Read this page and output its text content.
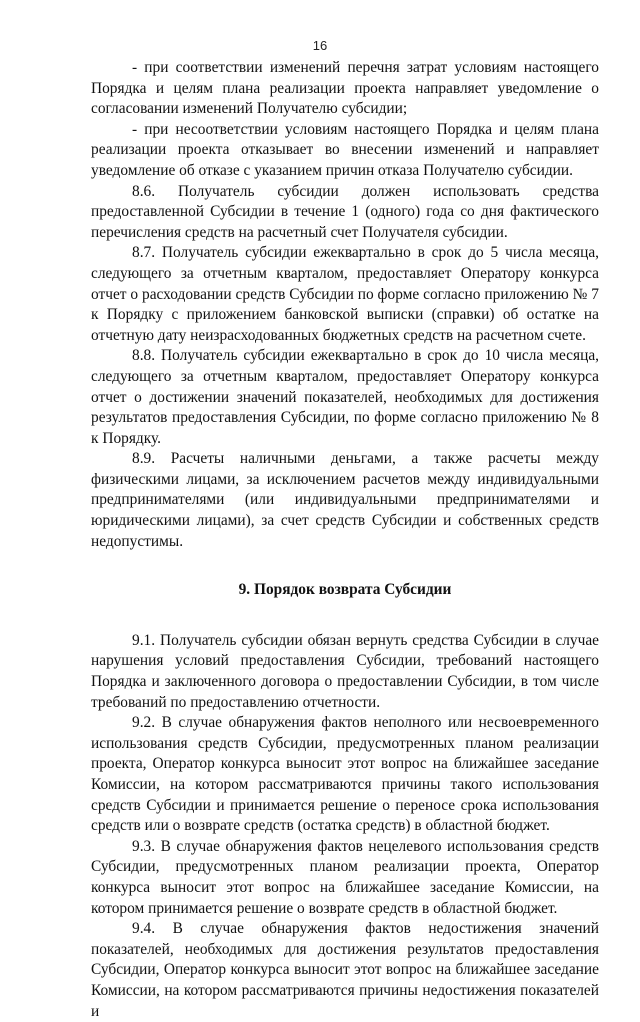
16

- при соответствии изменений перечня затрат условиям настоящего Порядка и целям плана реализации проекта направляет уведомление о согласовании изменений Получателю субсидии;

- при несоответствии условиям настоящего Порядка и целям плана реализации проекта отказывает во внесении изменений и направляет уведомление об отказе с указанием причин отказа Получателю субсидии.

8.6. Получатель субсидии должен использовать средства предоставленной Субсидии в течение 1 (одного) года со дня фактического перечисления средств на расчетный счет Получателя субсидии.

8.7. Получатель субсидии ежеквартально в срок до 5 числа месяца, следующего за отчетным кварталом, предоставляет Оператору конкурса отчет о расходовании средств Субсидии по форме согласно приложению № 7 к Порядку с приложением банковской выписки (справки) об остатке на отчетную дату неизрасходованных бюджетных средств на расчетном счете.

8.8. Получатель субсидии ежеквартально в срок до 10 числа месяца, следующего за отчетным кварталом, предоставляет Оператору конкурса отчет о достижении значений показателей, необходимых для достижения результатов предоставления Субсидии, по форме согласно приложению № 8 к Порядку.

8.9. Расчеты наличными деньгами, а также расчеты между физическими лицами, за исключением расчетов между индивидуальными предпринимателями (или индивидуальными предпринимателями и юридическими лицами), за счет средств Субсидии и собственных средств недопустимы.

9. Порядок возврата Субсидии

9.1. Получатель субсидии обязан вернуть средства Субсидии в случае нарушения условий предоставления Субсидии, требований настоящего Порядка и заключенного договора о предоставлении Субсидии, в том числе требований по предоставлению отчетности.

9.2. В случае обнаружения фактов неполного или несвоевременного использования средств Субсидии, предусмотренных планом реализации проекта, Оператор конкурса выносит этот вопрос на ближайшее заседание Комиссии, на котором рассматриваются причины такого использования средств Субсидии и принимается решение о переносе срока использования средств или о возврате средств (остатка средств) в областной бюджет.

9.3. В случае обнаружения фактов нецелевого использования средств Субсидии, предусмотренных планом реализации проекта, Оператор конкурса выносит этот вопрос на ближайшее заседание Комиссии, на котором принимается решение о возврате средств в областной бюджет.

9.4. В случае обнаружения фактов недостижения значений показателей, необходимых для достижения результатов предоставления Субсидии, Оператор конкурса выносит этот вопрос на ближайшее заседание Комиссии, на котором рассматриваются причины недостижения показателей и
